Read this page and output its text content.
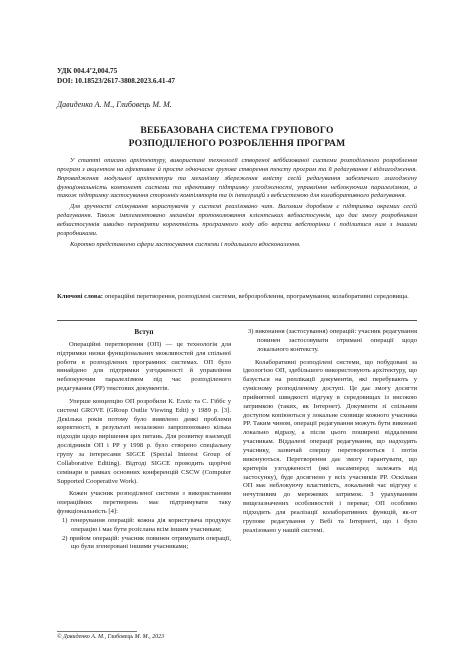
УДК 004.4’2,004.75
DOI: 10.18523/2617-3808.2023.6.41-47
Давиденко А. М., Глибовець М. М.
ВЕББАЗОВАНА СИСТЕМА ГРУПОВОГО
РОЗПОДІЛЕНОГО РОЗРОБЛЕННЯ ПРОГРАМ

У статті описано архітектуру, використані технології створеної веббазованої системи розподіленого розроблення програм з акцентом на ефективне й просте одночасне групове створення тексту програм та її редагування і відлагодження. Впровадження модульної архітектури та механізму збереження вмісту сесій редагування забезпечило злагоджену функціональність компонент системи та ефективну підтримку узгодженості, управління неблокуючим паралелізмом, а також підтримку застосування сторонніх компіляторів та їх інтеграцій з вебсистемою для колаборативного редагування.

Для зручності спілкування користувачів у системі реалізовано чат. Вагомим доробком є підтримка окремих сесій редагування. Також імплементовано механізм протоколювання клієнтських вебзастосунків, що дає змогу розробникам вебзастосунків швидко перевіряти коректність програмного коду або версти вебсторінки і поділитися ним з іншими розробниками.

Коротко представлено сфери застосування системи і подальшого вдосконалення.

Ключові слова: операційні перетворення, розподілені системи, веброзроблення, програмування, колаборативні середовища.

Вступ

Операційні перетворення (ОП) — це технологія для підтримки низки функціональних можливостей для спільної роботи в розподілених програмних системах. ОП було винайдено для підтримки узгодженості й управління неблокуючим паралелізмом під час розподіленого редагування (РР) текстових документів.

Уперше концепцію ОП розробили К. Елліс та С. Гіббс у системі GROVE (GRoup Outlie Viewing Edit) у 1989 р. [3]. Декілька років потому було виявлено деякі проблеми коректності, в результаті незалежно запропоновано кілька підходів щодо вирішення цих питань. Для розвитку взаємодії дослідників ОП і РР у 1998 р. було створено спеціальну групу за інтересами SIGCE (Special Interest Group of Collaborative Editing). Відтоді SIGCE проводить щорічні семінари в рамках основних конференцій CSCW (Computer Supported Cooperative Work).

Кожен учасник розподіленої системи з використанням операційних перетворень має підтримувати таку функціональність [4]:

1) генерування операцій: кожна дія користувача продукує операцію і має бути розіслана всім іншим учасникам;
2) прийом операцій: учасник повинен отримувати операції, що були згенеровані іншими учасниками;
3) виконання (застосування) операцій: учасник редагування повинен застосовувати отримані операції щодо локального контексту.

Колаборативні розподілені системи, що побудовані за ідеологією ОП, здебільшого використовують архітектуру, що базується на реплікації документів, які перебувають у сумісному розподіленому доступі. Це дає змогу досягти прийнятної швидкості відгуку в середовищах із високою затримкою (таких, як Інтернет). Документи зі спільним доступом копіюються у локальне сховище кожного учасника РР. Таким чином, операції редагування можуть бути виконані локально відразу, а після цього поширені віддаленим учасникам. Віддалені операції редагування, що надходять учаснику, зазвичай спершу перетворюються і потім виконуються. Перетворення дає змогу гарантувати, що критерія узгодженості (які насамперед залежать від застосунку), буде досягнено у всіх учасників РР. Оскільки ОП має неблокуючу властивість, локальний час відгуку є нечутливим до мережевих затримок. З урахуванням вищезазначених особливостей і переваг, ОП особливо підходить для реалізації колаборативних функцій, як-от групове редагування у Вебі та Інтернеті, що і було реалізовано у нашій системі.

© Давиденко А. М., Глибовець М. М., 2023
